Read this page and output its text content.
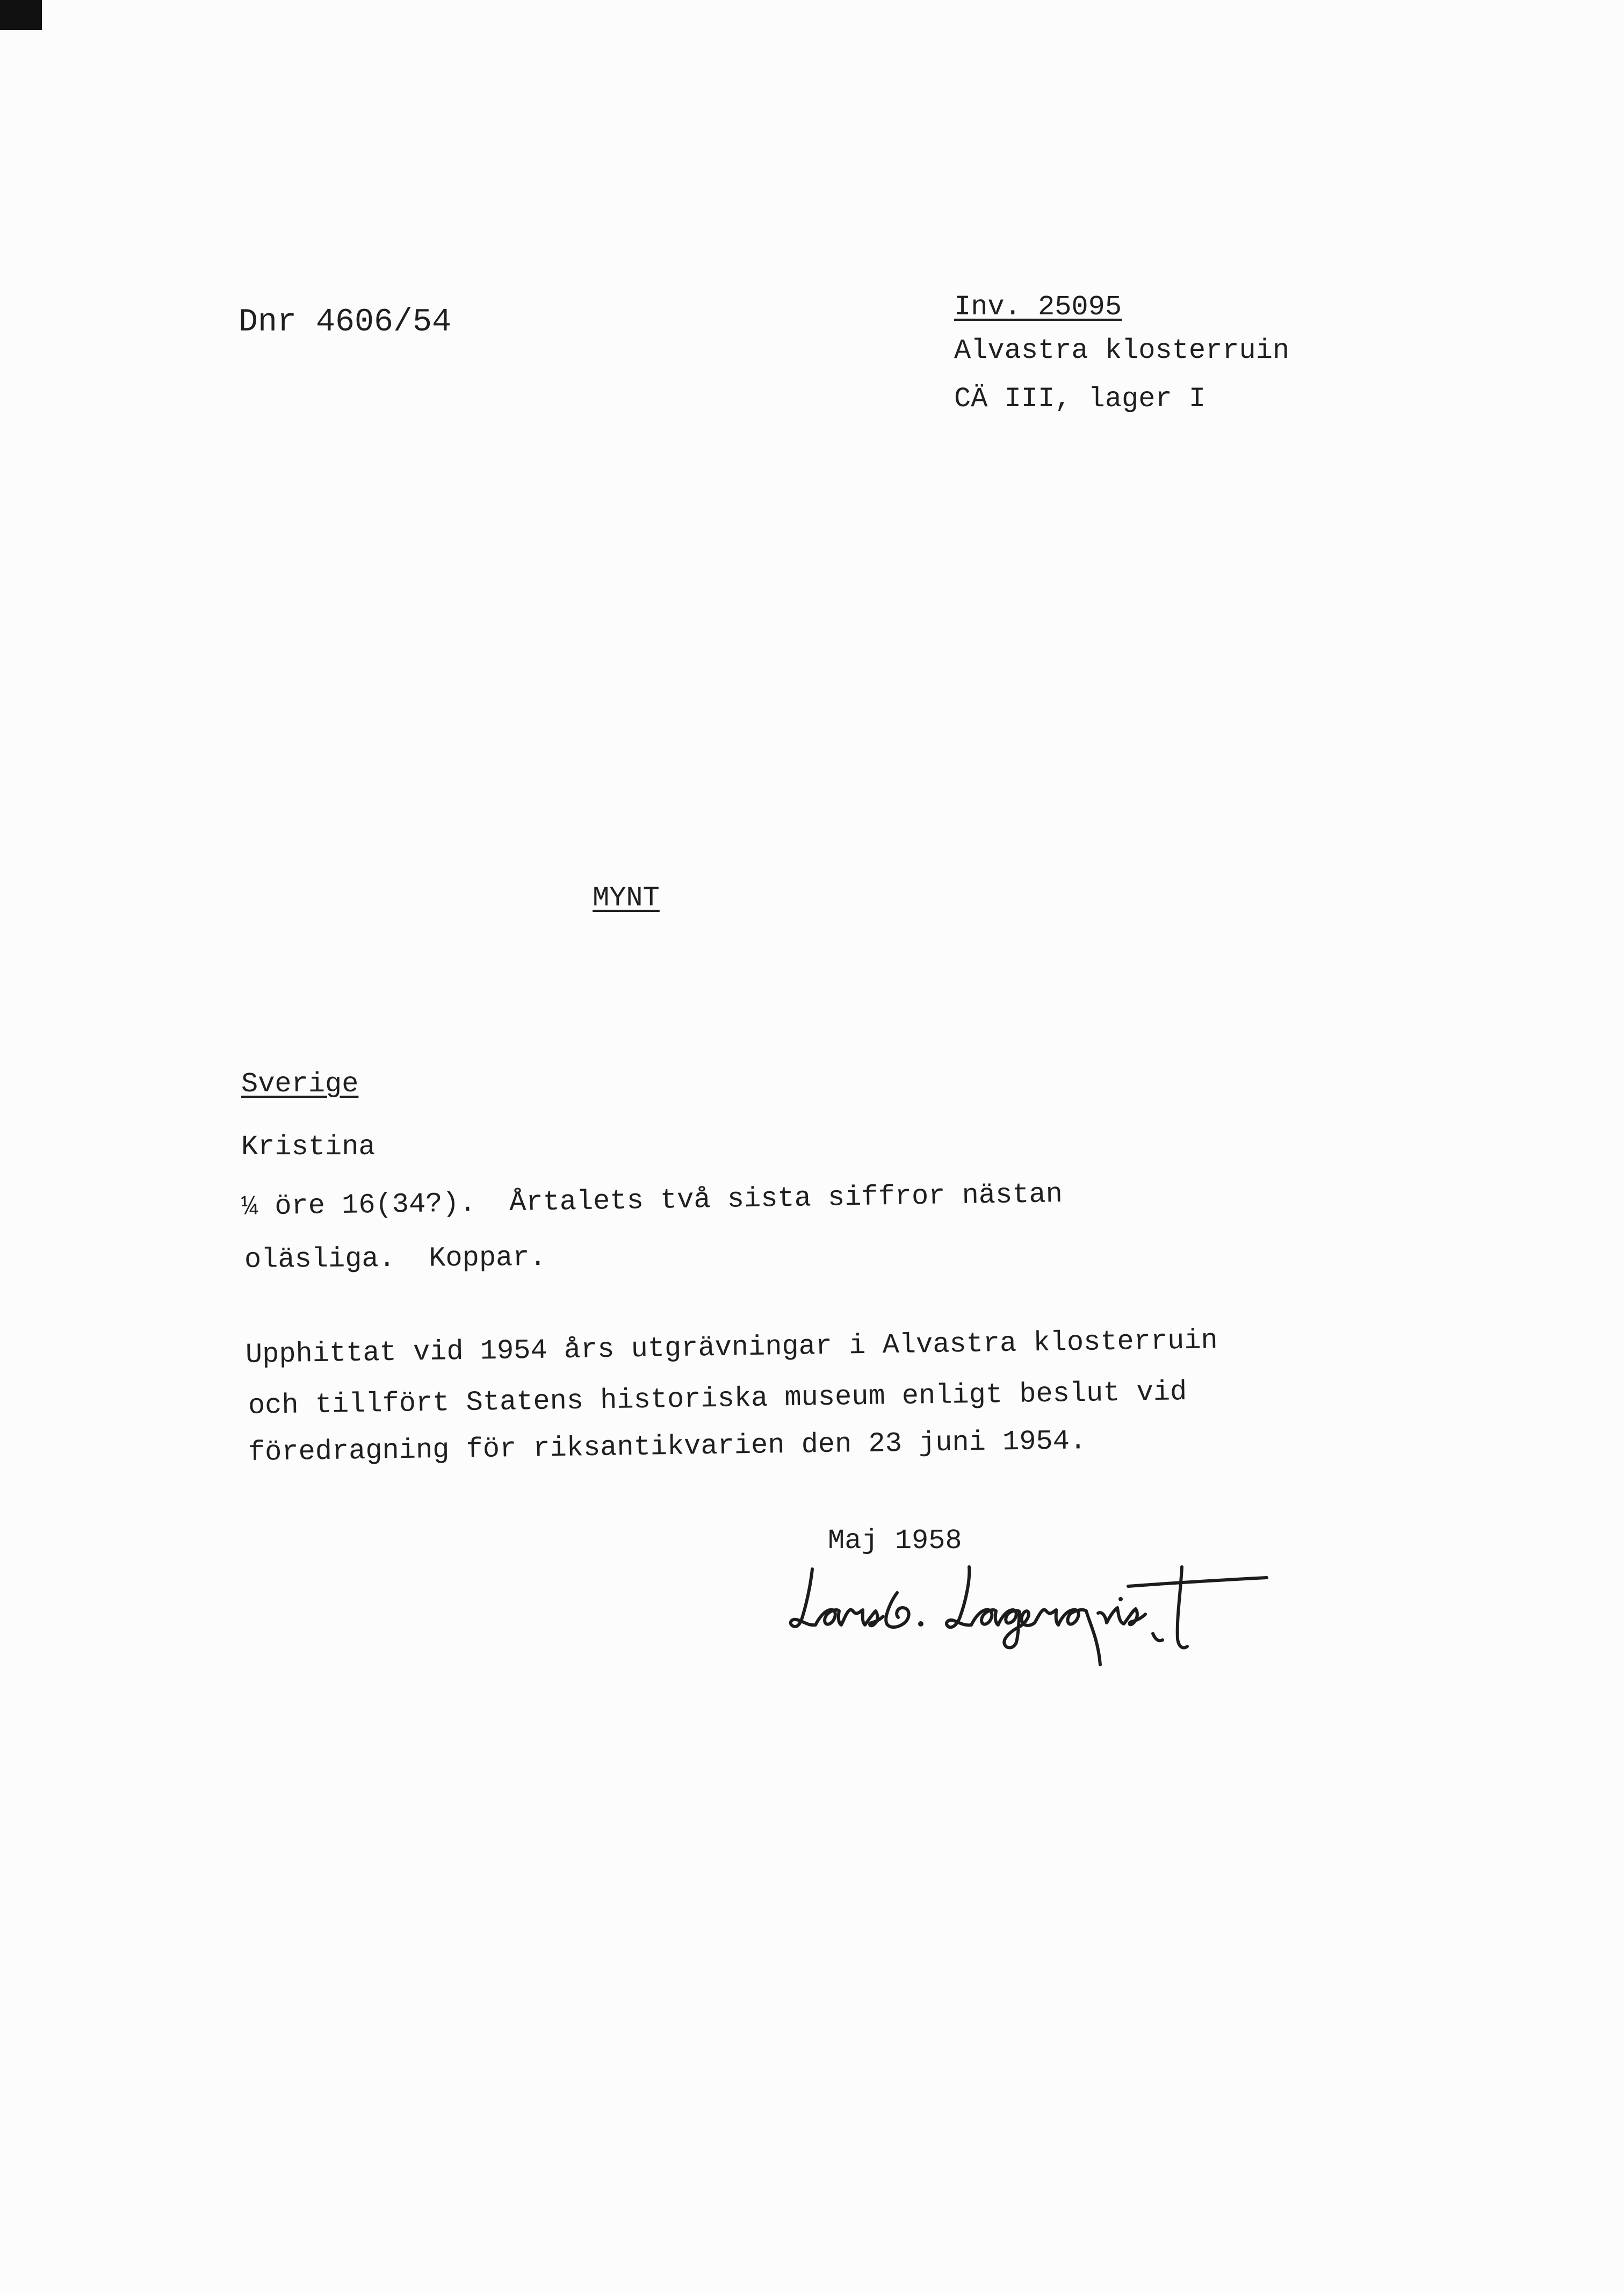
Dnr 4606/54	Inv. 25095
Alvastra klosterruin
CÄ III, lager I
MYNT
Sverige
Kristina
¼ öre 16(34?).  Årtalets två sista siffror nästan
oläsliga.  Koppar.
Upphittat vid 1954 års utgrävningar i Alvastra klosterruin
och tillfört Statens historiska museum enligt beslut vid
föredragning för riksantikvarien den 23 juni 1954.
Maj 1958
